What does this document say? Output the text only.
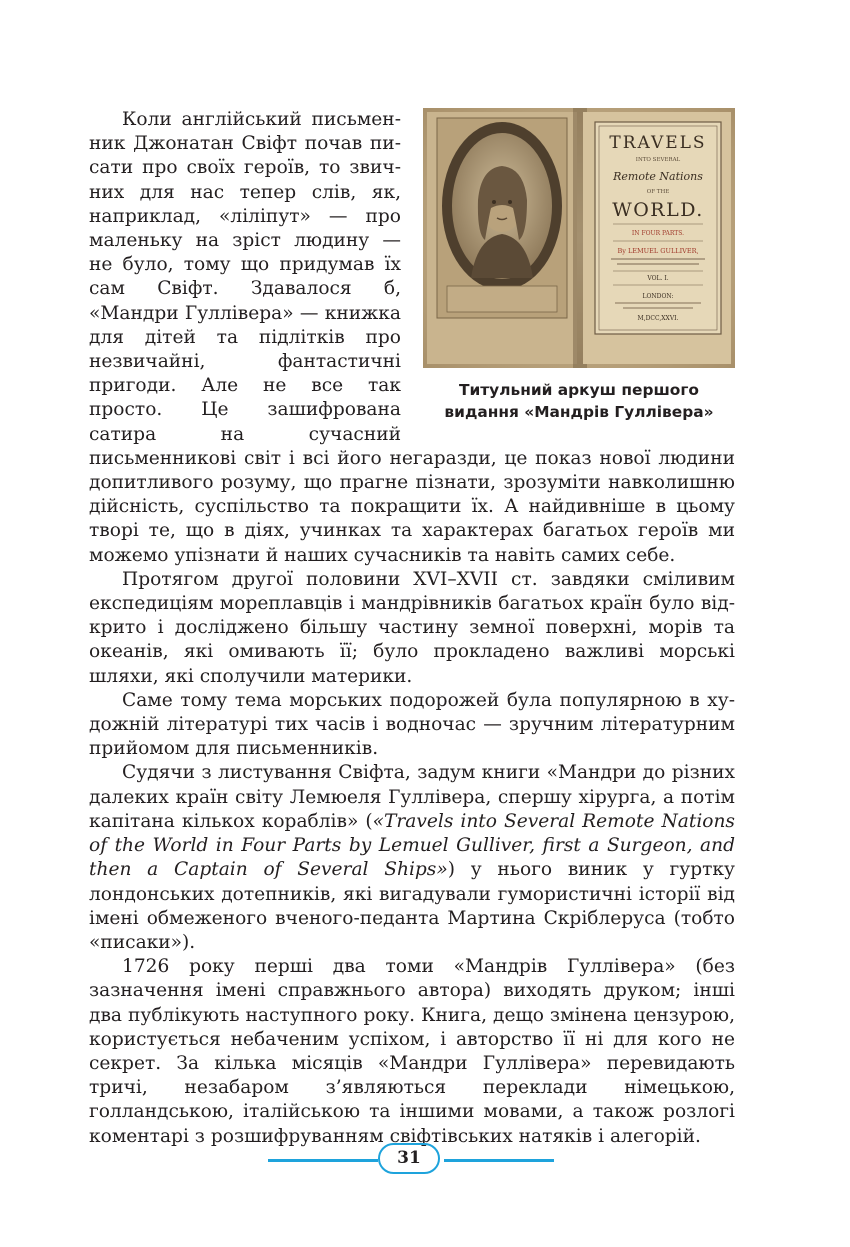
TRAVELS
INTO SEVERAL
Remote Nations
OF THE
WORLD.
IN FOUR PARTS.
By LEMUEL GULLIVER,
VOL. I.
LONDON:
M,DCC,XXVI.
Титульний аркуш першого
видання «Мандрів Гуллівера»
Коли англійський письменник Джонатан Свіфт почав писати про своїх героїв, то звичних для нас тепер слів, як, наприклад, «ліліпут» — про маленьку на зріст людину — не було, тому що придумав їх сам Свіфт. Здавалося б, «Мандри Гуллівера» — книжка для дітей та підлітків про незвичайні, фантастичні пригоди. Але не все так просто. Це зашифрована сатира на сучасний письменникові світ і всі його негаразди, це показ нової людини допитливого розуму, що прагне пізнати, зрозуміти навколишню дійсність, суспільство та покращити їх. А найдивніше в цьому творі те, що в діях, учинках та характерах багатьох героїв ми можемо упізнати й наших сучасників та навіть самих себе.

Протягом другої половини XVI–XVII ст. завдяки сміливим експедиціям мореплавців і мандрівників багатьох країн було відкрито і досліджено більшу частину земної поверхні, морів та океанів, які омивають її; було прокладено важливі морські шляхи, які сполучили материки.

Саме тому тема морських подорожей була популярною в художній літературі тих часів і водночас — зручним літературним прийомом для письменників.

Судячи з листування Свіфта, задум книги «Мандри до різних далеких країн світу Лемюеля Гуллівера, спершу хірурга, а потім капітана кількох кораблів» («Travels into Several Remote Nations of the World in Four Parts by Lemuel Gulliver, first a Surgeon, and then a Captain of Several Ships») у нього виник у гуртку лондонських дотепників, які вигадували гумористичні історії від імені обмеженого вченого-педанта Мартина Скріблеруса (тобто «писаки»).

1726 року перші два томи «Мандрів Гуллівера» (без зазначення імені справжнього автора) виходять друком; інші два публікують наступного року. Книга, дещо змінена цензурою, користується небаченим успіхом, і авторство її ні для кого не секрет. За кілька місяців «Мандри Гуллівера» перевидають тричі, незабаром з’являються переклади німецькою, голландською, італійською та іншими мовами, а також розлогі коментарі з розшифруванням свіфтівських натяків і алегорій.

31
